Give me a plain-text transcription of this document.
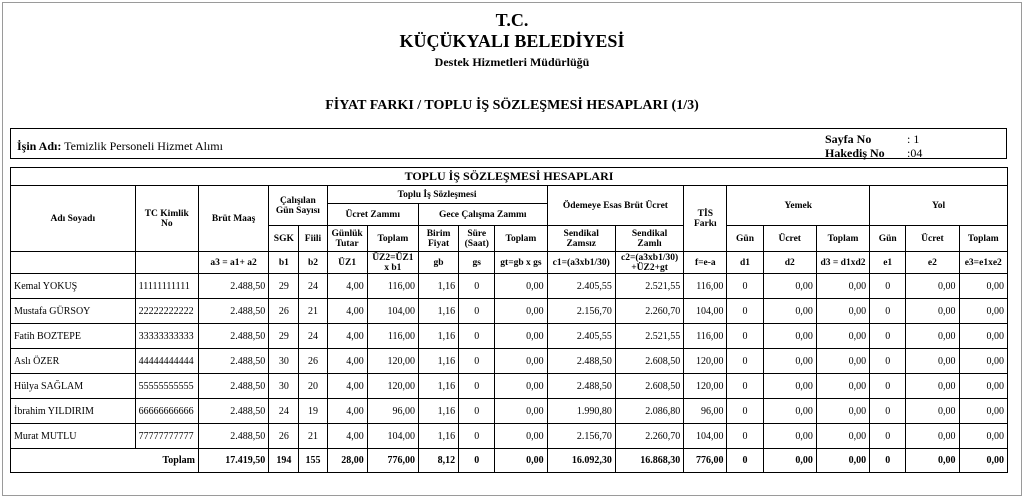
T.C.
KÜÇÜKYALI BELEDİYESİ
Destek Hizmetleri Müdürlüğü
FİYAT FARKI / TOPLU İŞ SÖZLEŞMESİ HESAPLARI (1/3)
İşin Adı: Temizlik Personeli Hizmet Alımı	Sayfa No	: 1
Hakediş No :04
TOPLU İŞ SÖZLEŞMESİ HESAPLARI																		
Adı Soyadı	TC Kimlik No	Brüt Maaş	Çalışılan Gün Sayısı		Toplu İş Sözleşmesi					Ödemeye Esas Brüt Ücret		TİS Farkı	Yemek			Yol		
					Ücret Zammı		Gece Çalışma Zammı											
			SGK	Fiili	Günlük Tutar	Toplam	Birim Fiyat	Süre (Saat)	Toplam	Sendikal Zamsız	Sendikal Zamlı		Gün	Ücret	Toplam	Gün	Ücret	Toplam
		a3 = a1+ a2	b1	b2	ÜZ1	ÜZ2=ÜZ1 x b1	gb	gs	gt=gb x gs	c1=(a3xb1/30)	c2=(a3xb1/30) +ÜZ2+gt	f=e-a	d1	d2	d3 = d1xd2	e1	e2	e3=e1xe2
Kemal YOKUŞ	11111111111	2.488,50	29	24	4,00	116,00	1,16	0	0,00	2.405,55	2.521,55	116,00	0	0,00	0,00	0	0,00	0,00
Mustafa GÜRSOY	22222222222	2.488,50	26	21	4,00	104,00	1,16	0	0,00	2.156,70	2.260,70	104,00	0	0,00	0,00	0	0,00	0,00
Fatih BOZTEPE	33333333333	2.488,50	29	24	4,00	116,00	1,16	0	0,00	2.405,55	2.521,55	116,00	0	0,00	0,00	0	0,00	0,00
Aslı ÖZER	44444444444	2.488,50	30	26	4,00	120,00	1,16	0	0,00	2.488,50	2.608,50	120,00	0	0,00	0,00	0	0,00	0,00
Hülya SAĞLAM	55555555555	2.488,50	30	20	4,00	120,00	1,16	0	0,00	2.488,50	2.608,50	120,00	0	0,00	0,00	0	0,00	0,00
İbrahim YILDIRIM	66666666666	2.488,50	24	19	4,00	96,00	1,16	0	0,00	1.990,80	2.086,80	96,00	0	0,00	0,00	0	0,00	0,00
Murat MUTLU	77777777777	2.488,50	26	21	4,00	104,00	1,16	0	0,00	2.156,70	2.260,70	104,00	0	0,00	0,00	0	0,00	0,00
Toplam		17.419,50	194	155	28,00	776,00	8,12	0	0,00	16.092,30	16.868,30	776,00	0	0,00	0,00	0	0,00	0,00
